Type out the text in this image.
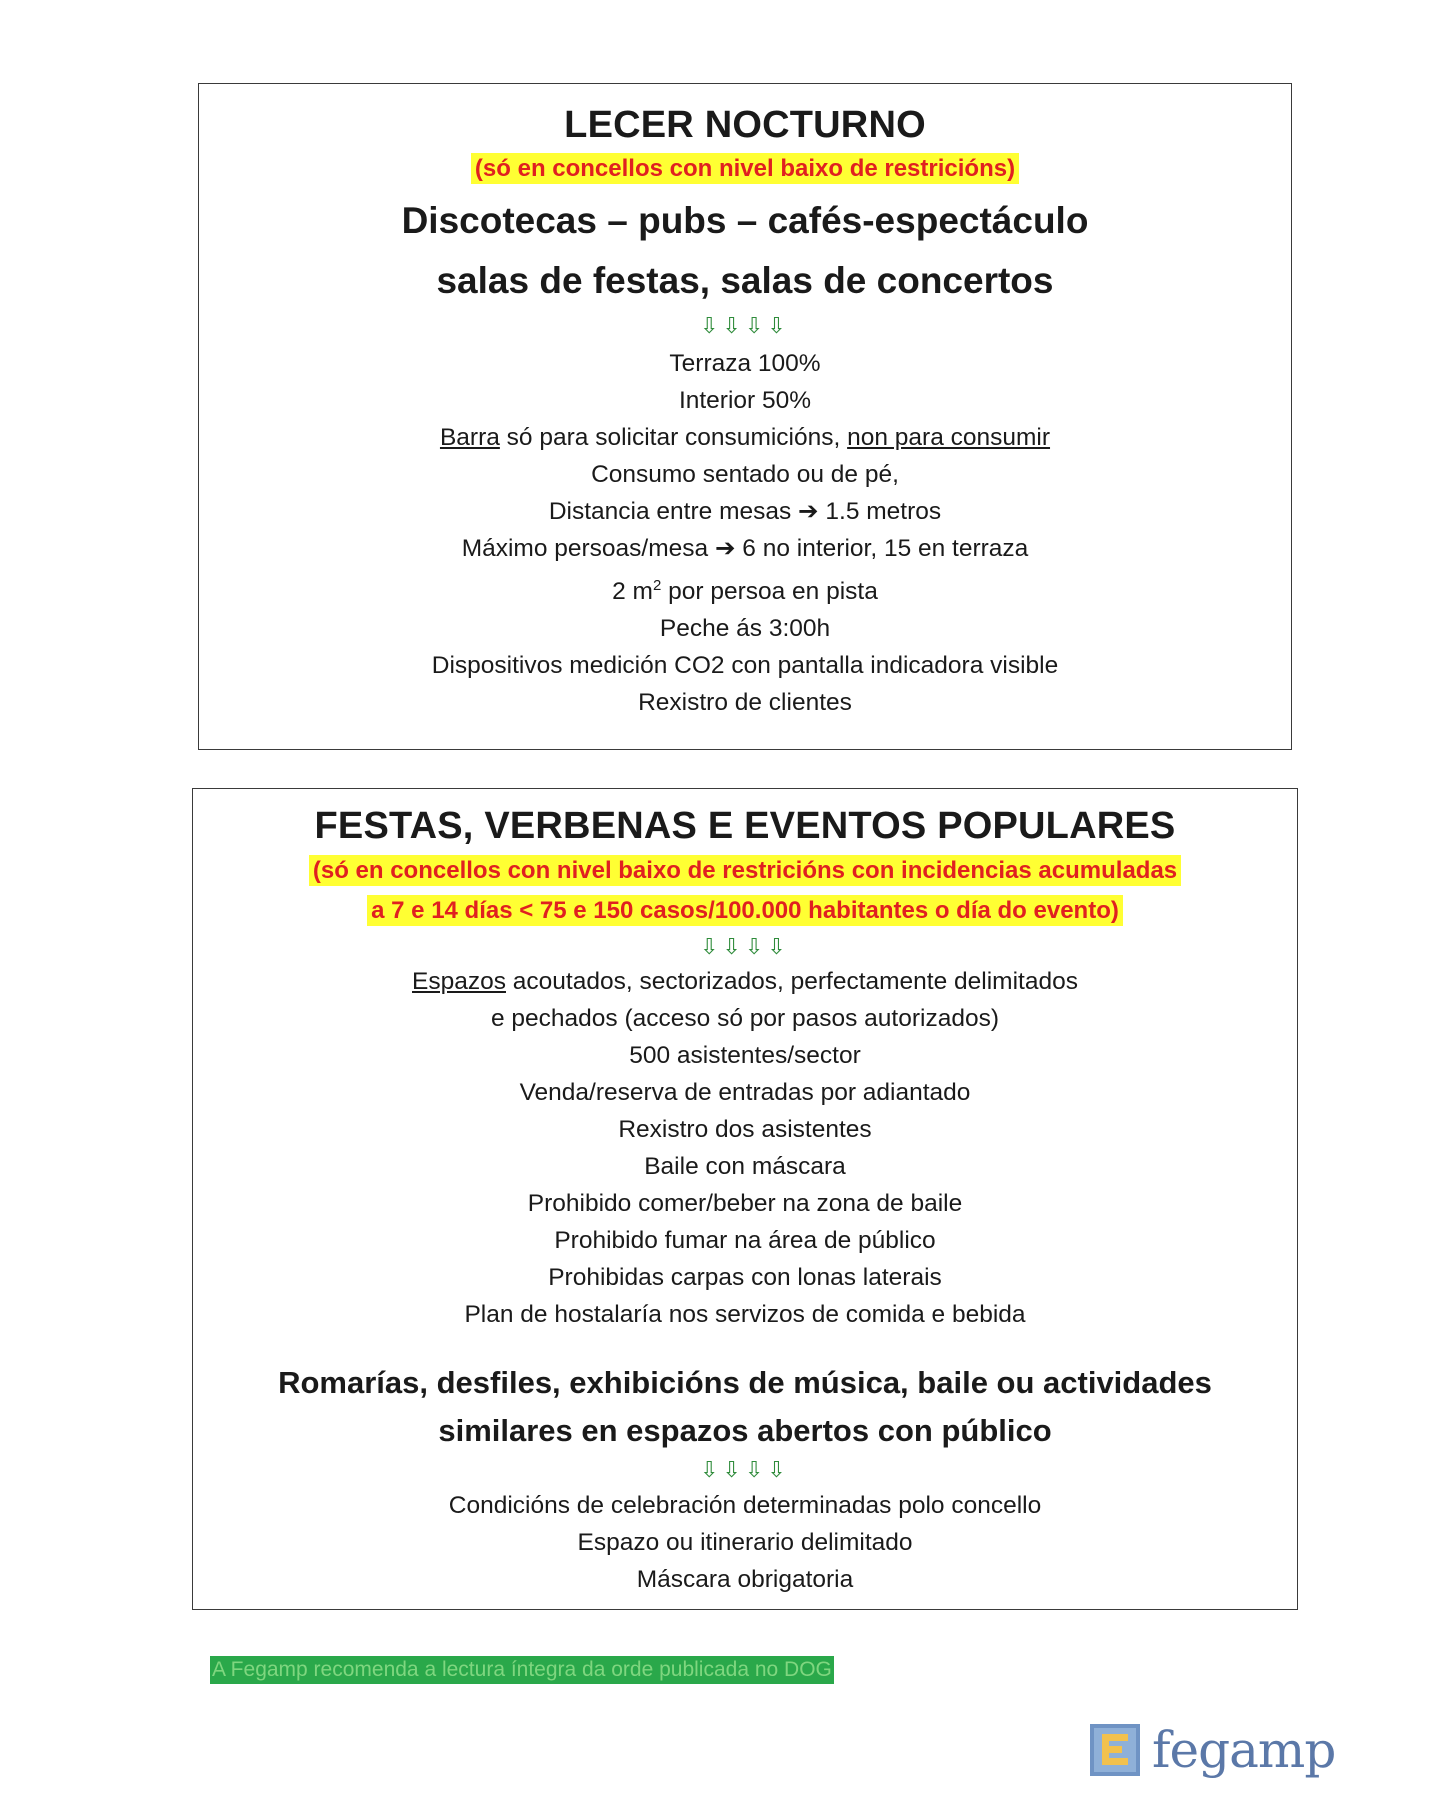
LECER NOCTURNO

(só en concellos con nivel baixo de restricións)

Discotecas – pubs – cafés-espectáculo

salas de festas, salas de concertos

⇩⇩⇩⇩

Terraza 100%
Interior 50%
Barra só para solicitar consumicións, non para consumir
Consumo sentado ou de pé,
Distancia entre mesas ➔ 1.5 metros
Máximo persoas/mesa ➔ 6 no interior, 15 en terraza
2 $m^2$ por persoa en pista
Peche ás 3:00h
Dispositivos medición CO2 con pantalla indicadora visible
Rexistro de clientes
FESTAS, VERBENAS E EVENTOS POPULARES

(só en concellos con nivel baixo de restricións con incidencias acumuladas
a 7 e 14 días < 75 e 150 casos/100.000 habitantes o día do evento)

⇩⇩⇩⇩

Espazos acoutados, sectorizados, perfectamente delimitados
e pechados (acceso só por pasos autorizados)
500 asistentes/sector
Venda/reserva de entradas por adiantado
Rexistro dos asistentes
Baile con máscara
Prohibido comer/beber na zona de baile
Prohibido fumar na área de público
Prohibidas carpas con lonas laterais
Plan de hostalaría nos servizos de comida e bebida

Romarías, desfiles, exhibicións de música, baile ou actividades

similares en espazos abertos con público

⇩⇩⇩⇩

Condicións de celebración determinadas polo concello
Espazo ou itinerario delimitado
Máscara obrigatoria
A Fegamp recomenda a lectura íntegra da orde publicada no DOG
fegamp
